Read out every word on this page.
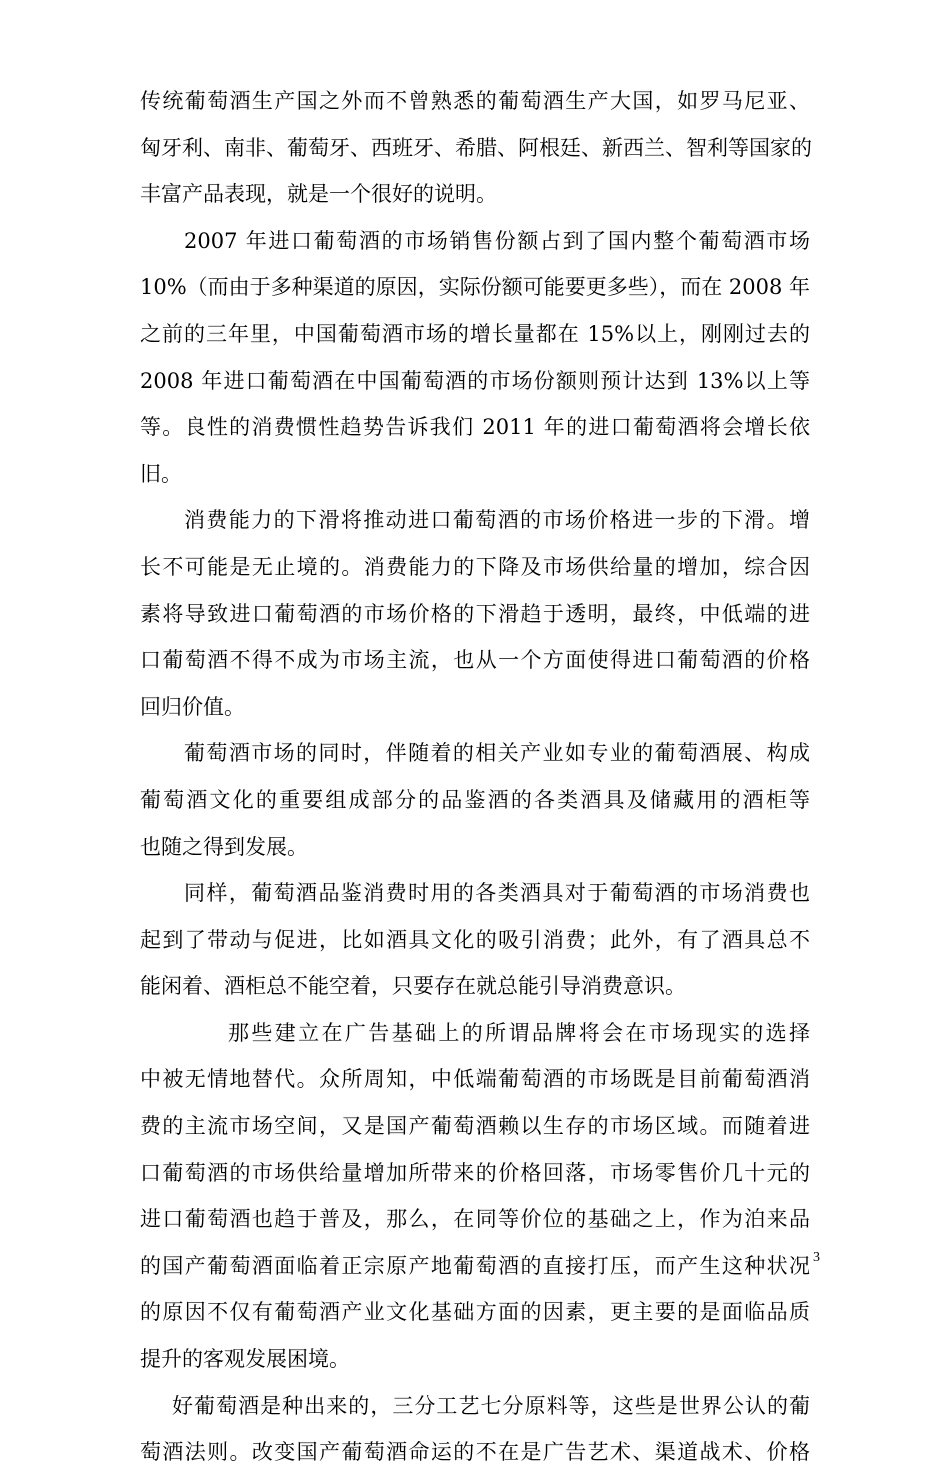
传统葡萄酒生产国之外而不曾熟悉的葡萄酒生产大国，如罗马尼亚、
匈牙利、南非、葡萄牙、西班牙、希腊、阿根廷、新西兰、智利等国家的
丰富产品表现，就是一个很好的说明。
2007 年进口葡萄酒的市场销售份额占到了国内整个葡萄酒市场
10%（而由于多种渠道的原因，实际份额可能要更多些），而在 2008 年
之前的三年里，中国葡萄酒市场的增长量都在 15%以上，刚刚过去的
2008 年进口葡萄酒在中国葡萄酒的市场份额则预计达到 13%以上等
等。良性的消费惯性趋势告诉我们 2011 年的进口葡萄酒将会增长依
旧。
消费能力的下滑将推动进口葡萄酒的市场价格进一步的下滑。增
长不可能是无止境的。消费能力的下降及市场供给量的增加，综合因
素将导致进口葡萄酒的市场价格的下滑趋于透明，最终，中低端的进
口葡萄酒不得不成为市场主流，也从一个方面使得进口葡萄酒的价格
回归价值。
葡萄酒市场的同时，伴随着的相关产业如专业的葡萄酒展、构成
葡萄酒文化的重要组成部分的品鉴酒的各类酒具及储藏用的酒柜等
也随之得到发展。
同样，葡萄酒品鉴消费时用的各类酒具对于葡萄酒的市场消费也
起到了带动与促进，比如酒具文化的吸引消费；此外，有了酒具总不
能闲着、酒柜总不能空着，只要存在就总能引导消费意识。
那些建立在广告基础上的所谓品牌将会在市场现实的选择
中被无情地替代。众所周知，中低端葡萄酒的市场既是目前葡萄酒消
费的主流市场空间，又是国产葡萄酒赖以生存的市场区域。而随着进
口葡萄酒的市场供给量增加所带来的价格回落，市场零售价几十元的
进口葡萄酒也趋于普及，那么，在同等价位的基础之上，作为泊来品
的国产葡萄酒面临着正宗原产地葡萄酒的直接打压，而产生这种状况
的原因不仅有葡萄酒产业文化基础方面的因素，更主要的是面临品质
提升的客观发展困境。
好葡萄酒是种出来的，三分工艺七分原料等，这些是世界公认的葡
萄酒法则。改变国产葡萄酒命运的不在是广告艺术、渠道战术、价格
3
